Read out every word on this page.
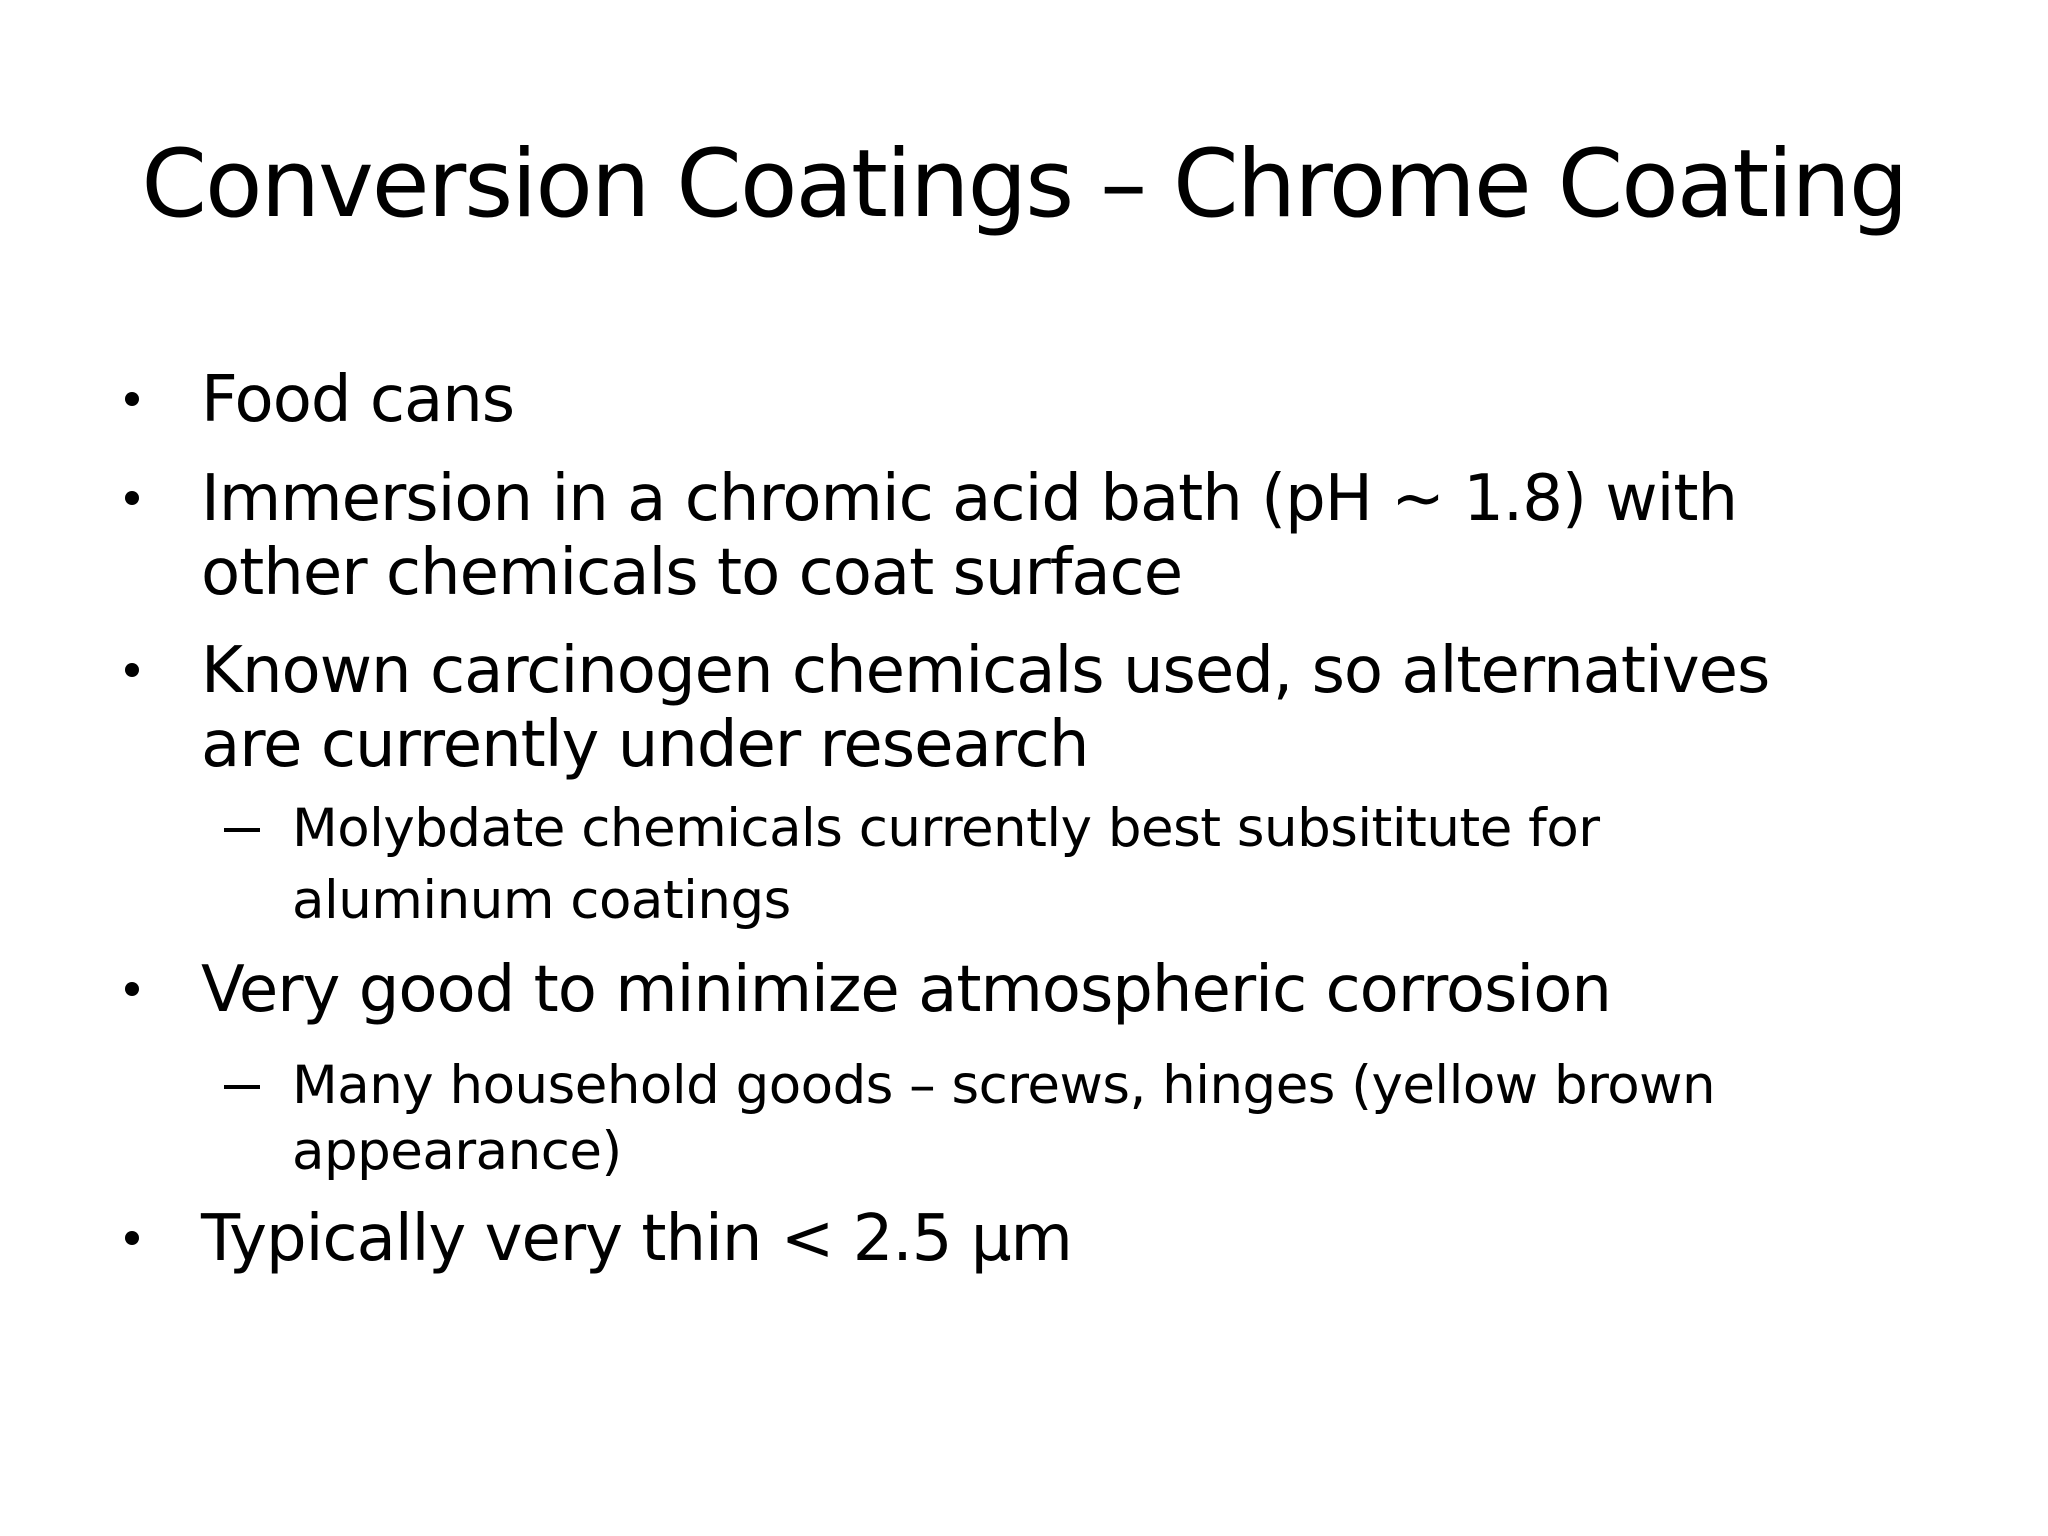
Conversion Coatings – Chrome Coating
Food cans
Immersion in a chromic acid bath (pH ~ 1.8) with
other chemicals to coat surface
Known carcinogen chemicals used, so alternatives
are currently under research
Molybdate chemicals currently best subsititute for
aluminum coatings
Very good to minimize atmospheric corrosion
Many household goods – screws, hinges (yellow brown
appearance)
Typically very thin < 2.5 μm
